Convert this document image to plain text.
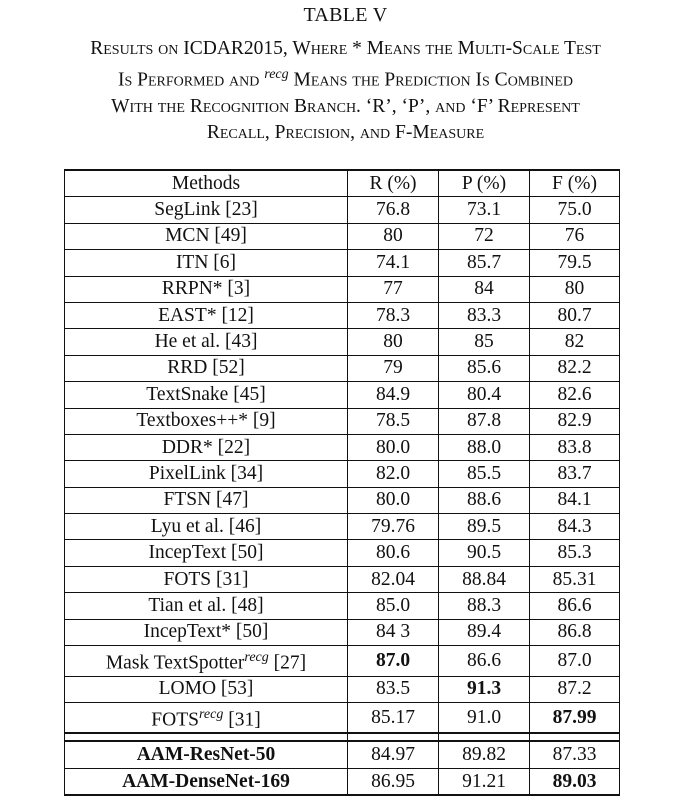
TABLE V
Results on ICDAR2015, Where * Means the Multi-Scale Test
Is Performed and $^{recg}$ Means the Prediction Is Combined
With the Recognition Branch. ‘R’, ‘P’, and ‘F’ Represent
Recall, Precision, and F-Measure
Methods	R (%)	P (%)	F (%)
SegLink [23]	76.8	73.1	75.0
MCN [49]	80	72	76
ITN [6]	74.1	85.7	79.5
RRPN* [3]	77	84	80
EAST* [12]	78.3	83.3	80.7
He et al. [43]	80	85	82
RRD [52]	79	85.6	82.2
TextSnake [45]	84.9	80.4	82.6
Textboxes++* [9]	78.5	87.8	82.9
DDR* [22]	80.0	88.0	83.8
PixelLink [34]	82.0	85.5	83.7
FTSN [47]	80.0	88.6	84.1
Lyu et al. [46]	79.76	89.5	84.3
IncepText [50]	80.6	90.5	85.3
FOTS [31]	82.04	88.84	85.31
Tian et al. [48]	85.0	88.3	86.6
IncepText* [50]	84 3	89.4	86.8
Mask TextSpotter$^{recg}$ [27]	87.0	86.6	87.0
LOMO [53]	83.5	91.3	87.2
$FOTS^{recg}$ [31]	85.17	91.0	87.99

AAM-ResNet-50	84.97	89.82	87.33
AAM-DenseNet-169	86.95	91.21	89.03
